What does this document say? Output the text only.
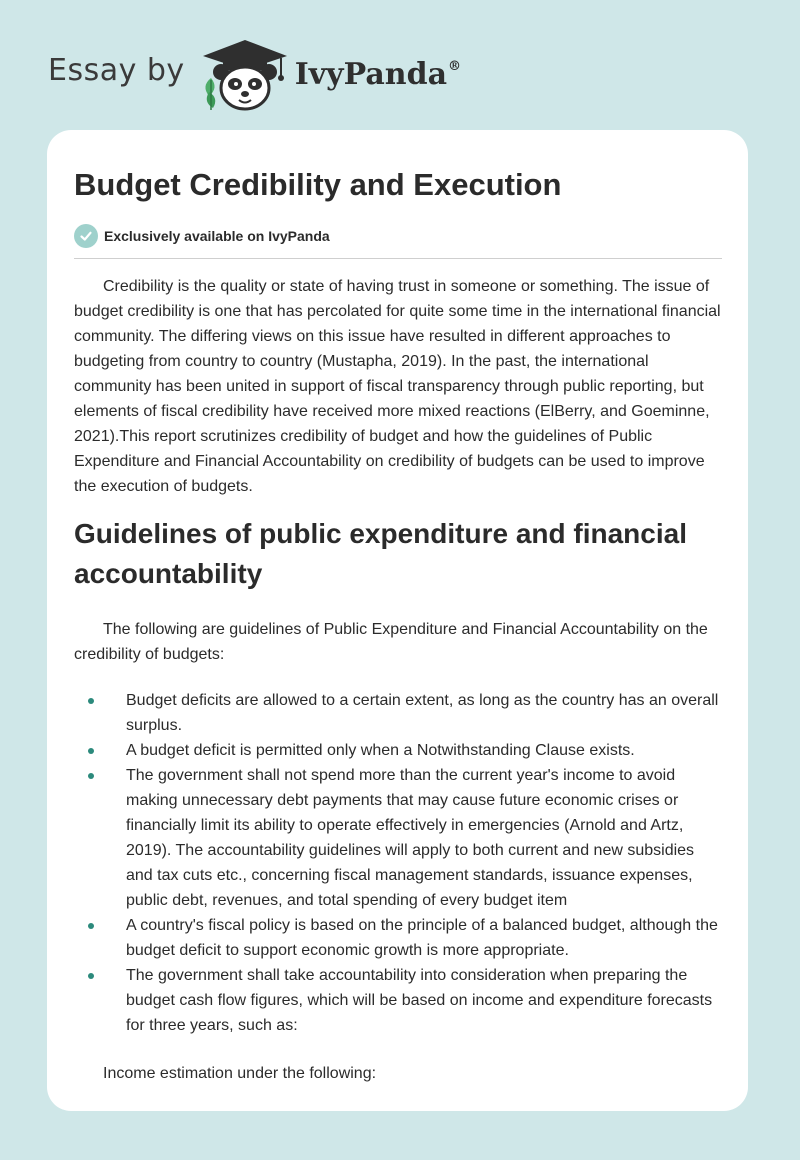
Essay by	IvyPanda®
Budget Credibility and Execution
Exclusively available on IvyPanda

Credibility is the quality or state of having trust in someone or something. The issue of budget credibility is one that has percolated for quite some time in the international financial community. The differing views on this issue have resulted in different approaches to budgeting from country to country (Mustapha, 2019). In the past, the international community has been united in support of fiscal transparency through public reporting, but elements of fiscal credibility have received more mixed reactions (ElBerry, and Goeminne, 2021).This report scrutinizes credibility of budget and how the guidelines of Public Expenditure and Financial Accountability on credibility of budgets can be used to improve the execution of budgets.

Guidelines of public expenditure and financial accountability

The following are guidelines of Public Expenditure and Financial Accountability on the credibility of budgets:

Budget deficits are allowed to a certain extent, as long as the country has an overall surplus.
A budget deficit is permitted only when a Notwithstanding Clause exists.
The government shall not spend more than the current year's income to avoid making unnecessary debt payments that may cause future economic crises or financially limit its ability to operate effectively in emergencies (Arnold and Artz, 2019). The accountability guidelines will apply to both current and new subsidies and tax cuts etc., concerning fiscal management standards, issuance expenses, public debt, revenues, and total spending of every budget item
A country's fiscal policy is based on the principle of a balanced budget, although the budget deficit to support economic growth is more appropriate.
The government shall take accountability into consideration when preparing the budget cash flow figures, which will be based on income and expenditure forecasts for three years, such as:

Income estimation under the following:
